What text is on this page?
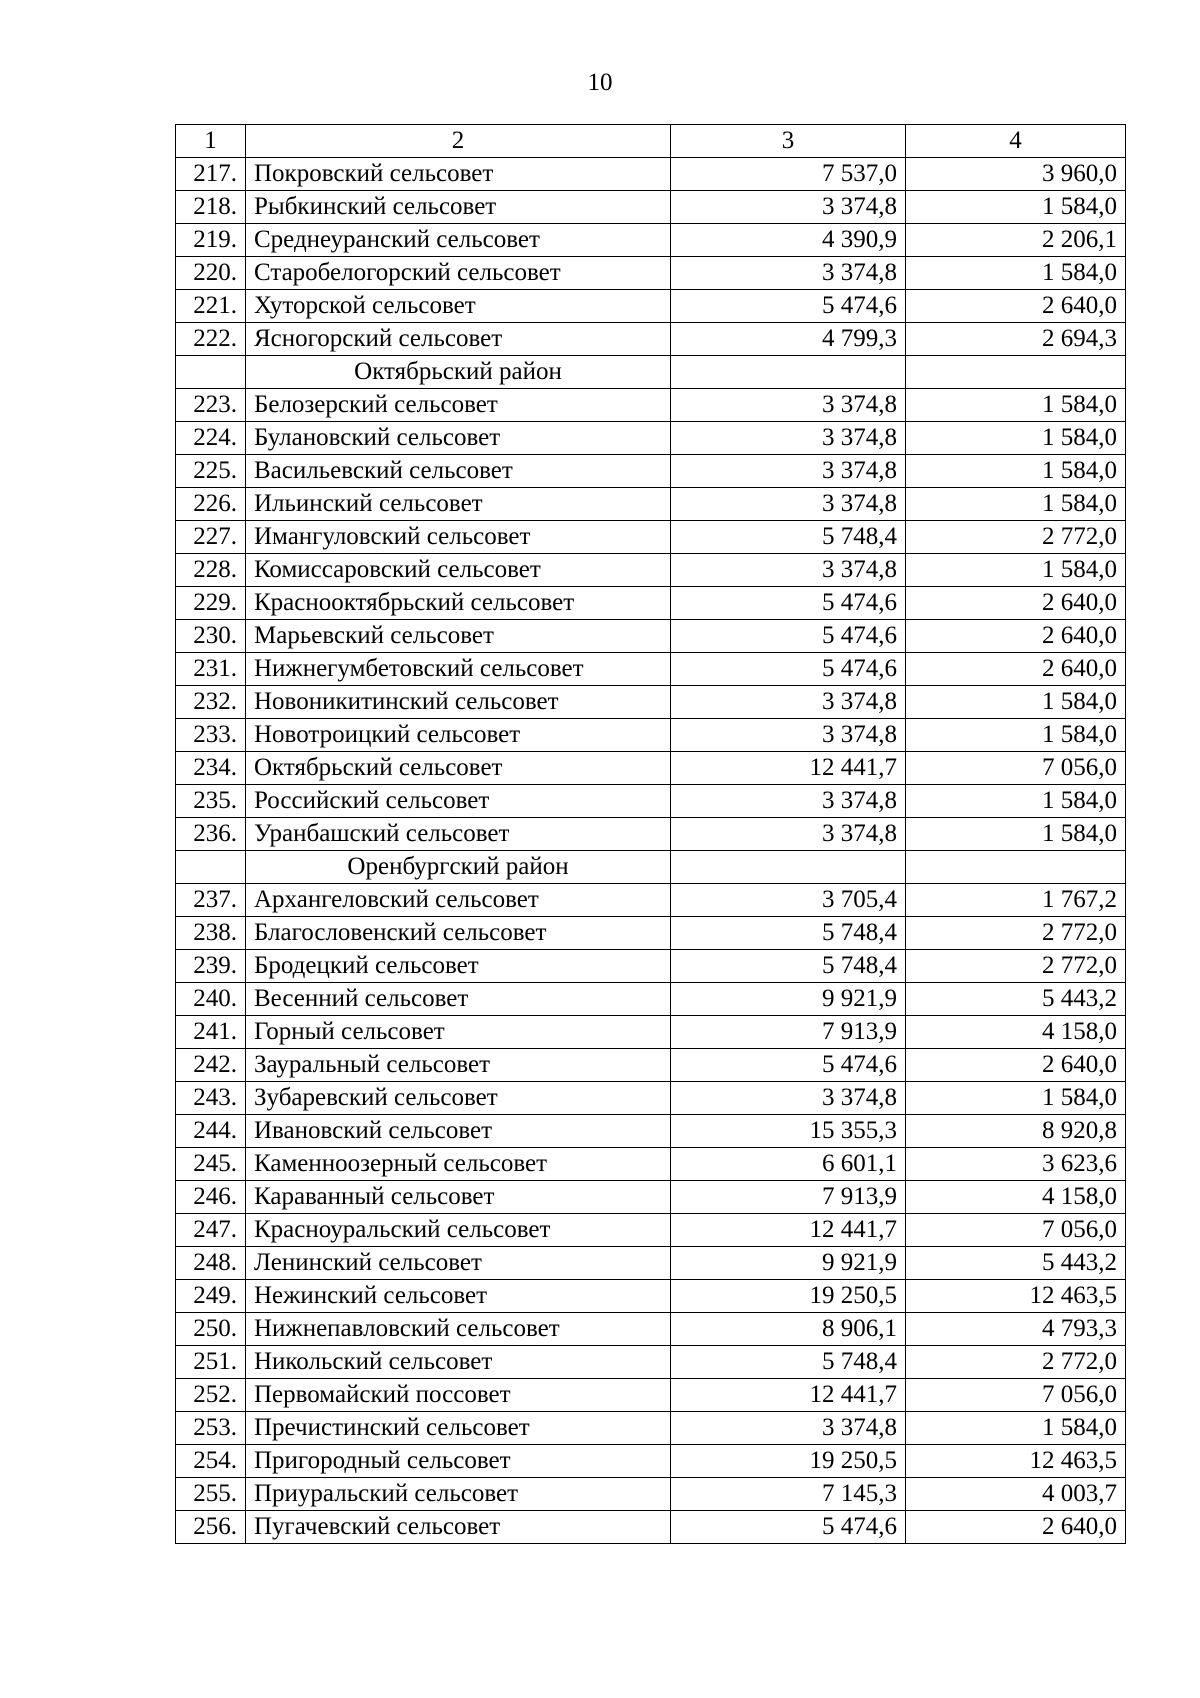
10
1	2	3	4
217.	Покровский сельсовет	7 537,0	3 960,0
218.	Рыбкинский сельсовет	3 374,8	1 584,0
219.	Среднеуранский сельсовет	4 390,9	2 206,1
220.	Старобелогорский сельсовет	3 374,8	1 584,0
221.	Хуторской сельсовет	5 474,6	2 640,0
222.	Ясногорский сельсовет	4 799,3	2 694,3
	Октябрьский район		
223.	Белозерский сельсовет	3 374,8	1 584,0
224.	Булановский сельсовет	3 374,8	1 584,0
225.	Васильевский сельсовет	3 374,8	1 584,0
226.	Ильинский сельсовет	3 374,8	1 584,0
227.	Имангуловский сельсовет	5 748,4	2 772,0
228.	Комиссаровский сельсовет	3 374,8	1 584,0
229.	Краснооктябрьский сельсовет	5 474,6	2 640,0
230.	Марьевский сельсовет	5 474,6	2 640,0
231.	Нижнегумбетовский сельсовет	5 474,6	2 640,0
232.	Новоникитинский сельсовет	3 374,8	1 584,0
233.	Новотроицкий сельсовет	3 374,8	1 584,0
234.	Октябрьский сельсовет	12 441,7	7 056,0
235.	Российский сельсовет	3 374,8	1 584,0
236.	Уранбашский сельсовет	3 374,8	1 584,0
	Оренбургский район		
237.	Архангеловский сельсовет	3 705,4	1 767,2
238.	Благословенский сельсовет	5 748,4	2 772,0
239.	Бродецкий сельсовет	5 748,4	2 772,0
240.	Весенний сельсовет	9 921,9	5 443,2
241.	Горный сельсовет	7 913,9	4 158,0
242.	Зауральный сельсовет	5 474,6	2 640,0
243.	Зубаревский сельсовет	3 374,8	1 584,0
244.	Ивановский сельсовет	15 355,3	8 920,8
245.	Каменноозерный сельсовет	6 601,1	3 623,6
246.	Караванный сельсовет	7 913,9	4 158,0
247.	Красноуральский сельсовет	12 441,7	7 056,0
248.	Ленинский сельсовет	9 921,9	5 443,2
249.	Нежинский сельсовет	19 250,5	12 463,5
250.	Нижнепавловский сельсовет	8 906,1	4 793,3
251.	Никольский сельсовет	5 748,4	2 772,0
252.	Первомайский поссовет	12 441,7	7 056,0
253.	Пречистинский сельсовет	3 374,8	1 584,0
254.	Пригородный сельсовет	19 250,5	12 463,5
255.	Приуральский сельсовет	7 145,3	4 003,7
256.	Пугачевский сельсовет	5 474,6	2 640,0
